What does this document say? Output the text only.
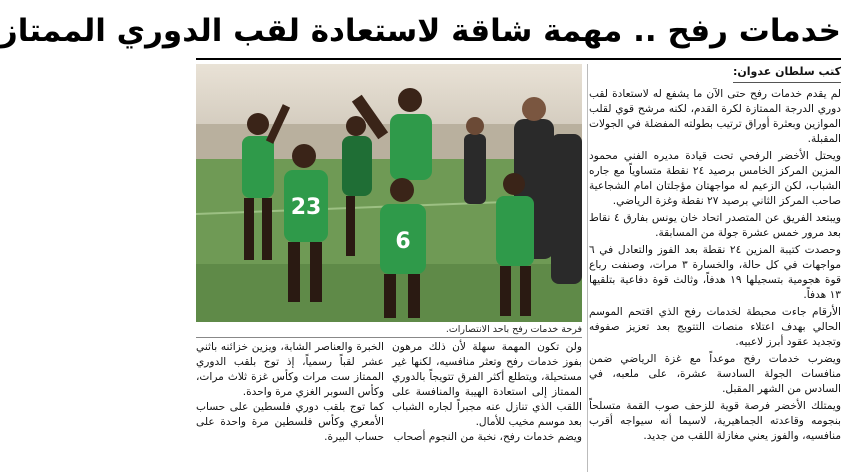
خدمات رفح .. مهمة شاقة لاستعادة لقب الدوري الممتاز
كتب سلطان عدوان:

لم يقدم خدمات رفح حتى الآن ما يشفع له لاستعادة لقب دوري الدرجة الممتازة لكرة القدم، لكنه مرشح قوي لقلب الموازين وبعثرة أوراق ترتيب بطولته المفضلة في الجولات المقبلة.

ويحتل الأخضر الرفحي تحت قيادة مديره الفني محمود المزين المركز الخامس برصيد ٢٤ نقطة متساوياً مع جاره الشباب، لكن الزعيم له مواجهتان مؤجلتان امام الشجاعية صاحب المركز الثاني برصيد ٢٧ نقطة وغزة الرياضي.

ويبتعد الفريق عن المتصدر اتحاد خان يونس بفارق ٤ نقاط بعد مرور خمس عشرة جولة من المسابقة.

وحصدت كتيبة المزين ٢٤ نقطة بعد الفوز والتعادل في ٦ مواجهات في كل حالة، والخسارة ٣ مرات، وصنفت رباع قوة هجومية بتسجيلها ١٩ هدفاً، وثالث قوة دفاعية بتلقيها ١٣ هدفاً.

الأرقام جاءت محبطة لخدمات رفح الذي اقتحم الموسم الحالي بهدف اعتلاء منصات التتويج بعد تعزيز صفوفه وتجديد عقود أبرز لاعبيه.

ويضرب خدمات رفح موعداً مع غزة الرياضي ضمن منافسات الجولة السادسة عشرة، على ملعبه، في السادس من الشهر المقبل.

ويمتلك الأخضر فرصة قوية للزحف صوب القمة متسلحاً بنجومه وقاعدته الجماهيرية، لاسيما أنه سيواجه أقرب منافسيه، والفوز يعني مغازلة اللقب من جديد.

23
6
فرحة خدمات رفح باحد الانتصارات.

ولن تكون المهمة سهلة لأن ذلك مرهون بفوز خدمات رفح وتعثر منافسيه، لكنها غير مستحيلة، ويتطلع أكثر الفرق تتويجاً بالدوري الممتاز إلى استعادة الهيبة والمنافسة على اللقب الذي تنازل عنه مجبراً لجاره الشباب بعد موسم مخيب للأمال.

ويضم خدمات رفح، نخبة من النجوم أصحاب

الخبرة والعناصر الشابة، ويزين خزائنه باثني عشر لقباً رسمياً، إذ توج بلقب الدوري الممتاز ست مرات وكأس غزة ثلاث مرات، وكأس السوبر الغزي مرة واحدة.

كما توج بلقب دوري فلسطين على حساب الأمعري وكأس فلسطين مرة واحدة على حساب البيرة.
